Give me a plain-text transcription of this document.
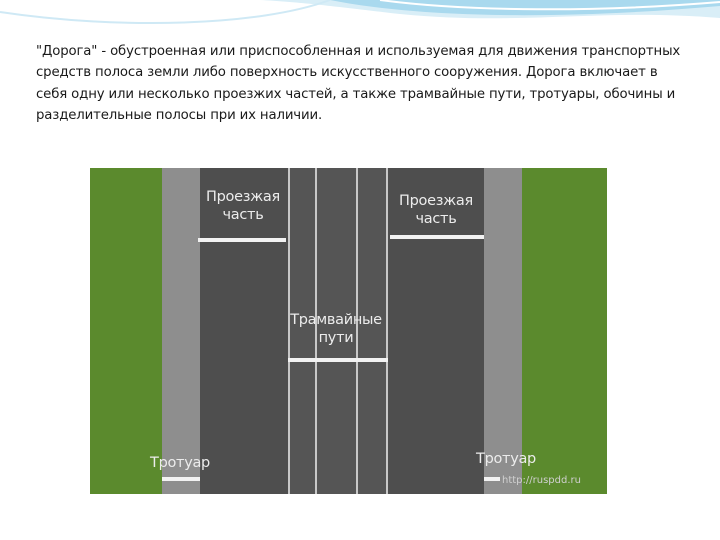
"Дорога" - обустроенная или приспособленная и используемая для движения транспортных средств полоса земли либо поверхность искусственного сооружения. Дорога включает в себя одну или несколько проезжих частей, а также трамвайные пути, тротуары, обочины и разделительные полосы при их наличии.
Проезжая
часть
Проезжая
часть
Трамвайные
пути
Тротуар	Тротуар
http://ruspdd.ru
